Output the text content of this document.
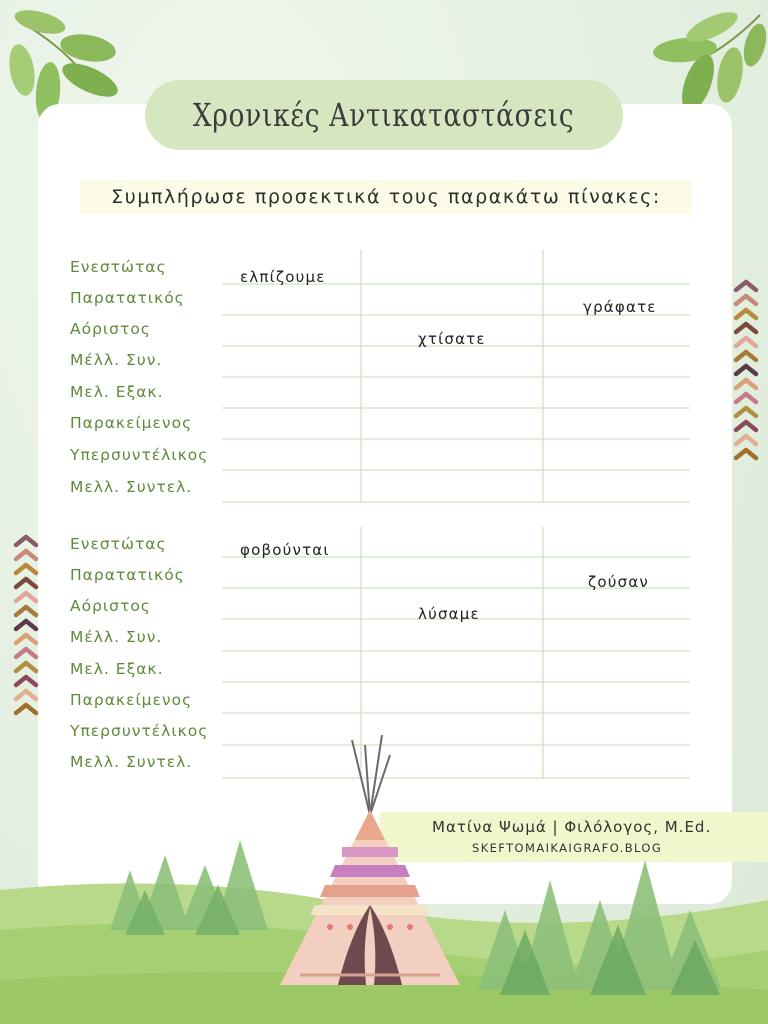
Χρονικές Αντικαταστάσεις
Συμπλήρωσε προσεκτικά τους παρακάτω πίνακες:
Ενεστώτας
Παρατατικός
Αόριστος
Μέλλ. Συν.
Μελ. Εξακ.
Παρακείμενος
Υπερσυντέλικος
Μελλ. Συντελ.
ελπίζουμε
χτίσατε
γράφατε
Ενεστώτας
Παρατατικός
Αόριστος
Μέλλ. Συν.
Μελ. Εξακ.
Παρακείμενος
Υπερσυντέλικος
Μελλ. Συντελ.
φοβούνται
λύσαμε
ζούσαν
Ματίνα Ψωμά | Φιλόλογος, M.Ed.
SKEFTOMAIKAIGRAFO.BLOG
